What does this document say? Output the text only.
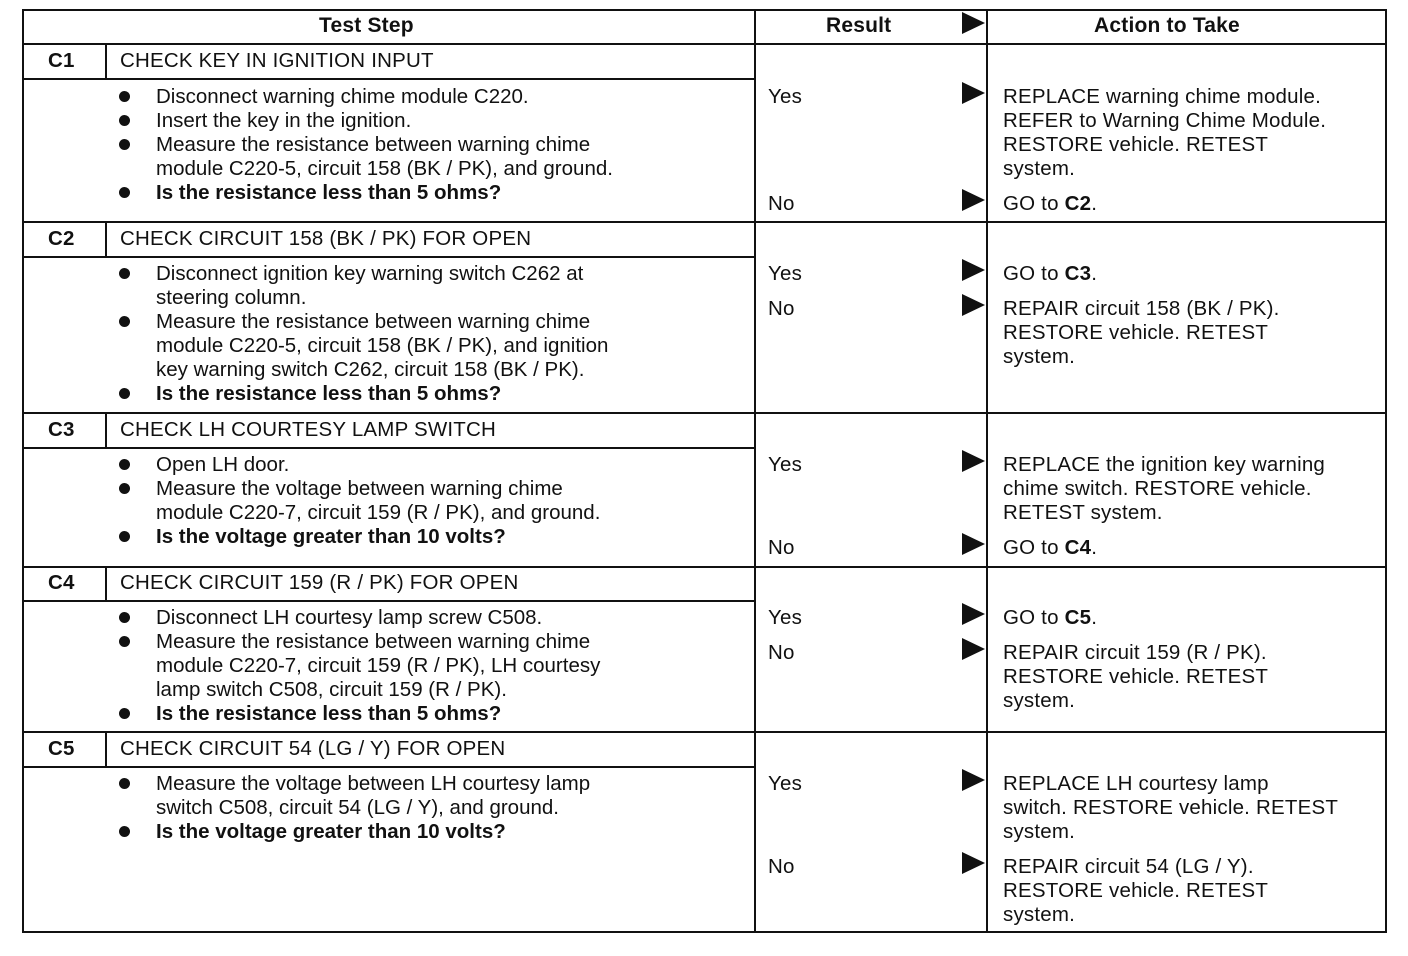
Test Step	Result	Action to Take
C1 CHECK KEY IN IGNITION INPUT
Disconnect warning chime module C220.
Insert the key in the ignition.
Measure the resistance between warning chime
module C220-5, circuit 158 (BK / PK), and ground.
Is the resistance less than 5 ohms?
Yes	REPLACE warning chime module.
REFER to Warning Chime Module.
RESTORE vehicle. RETEST
system.
No	GO to C2.
C2 CHECK CIRCUIT 158 (BK / PK) FOR OPEN
Disconnect ignition key warning switch C262 at
steering column.
Measure the resistance between warning chime
module C220-5, circuit 158 (BK / PK), and ignition
key warning switch C262, circuit 158 (BK / PK).
Is the resistance less than 5 ohms?
Yes	GO to C3.
No	REPAIR circuit 158 (BK / PK).
RESTORE vehicle. RETEST
system.
C3 CHECK LH COURTESY LAMP SWITCH
Open LH door.
Measure the voltage between warning chime
module C220-7, circuit 159 (R / PK), and ground.
Is the voltage greater than 10 volts?
Yes	REPLACE the ignition key warning
chime switch. RESTORE vehicle.
RETEST system.
No	GO to C4.
C4 CHECK CIRCUIT 159 (R / PK) FOR OPEN
Disconnect LH courtesy lamp screw C508.
Measure the resistance between warning chime
module C220-7, circuit 159 (R / PK), LH courtesy
lamp switch C508, circuit 159 (R / PK).
Is the resistance less than 5 ohms?
Yes	GO to C5.
No	REPAIR circuit 159 (R / PK).
RESTORE vehicle. RETEST
system.
C5 CHECK CIRCUIT 54 (LG / Y) FOR OPEN
Measure the voltage between LH courtesy lamp
switch C508, circuit 54 (LG / Y), and ground.
Is the voltage greater than 10 volts?
Yes	REPLACE LH courtesy lamp
switch. RESTORE vehicle. RETEST
system.
No	REPAIR circuit 54 (LG / Y).
RESTORE vehicle. RETEST
system.
